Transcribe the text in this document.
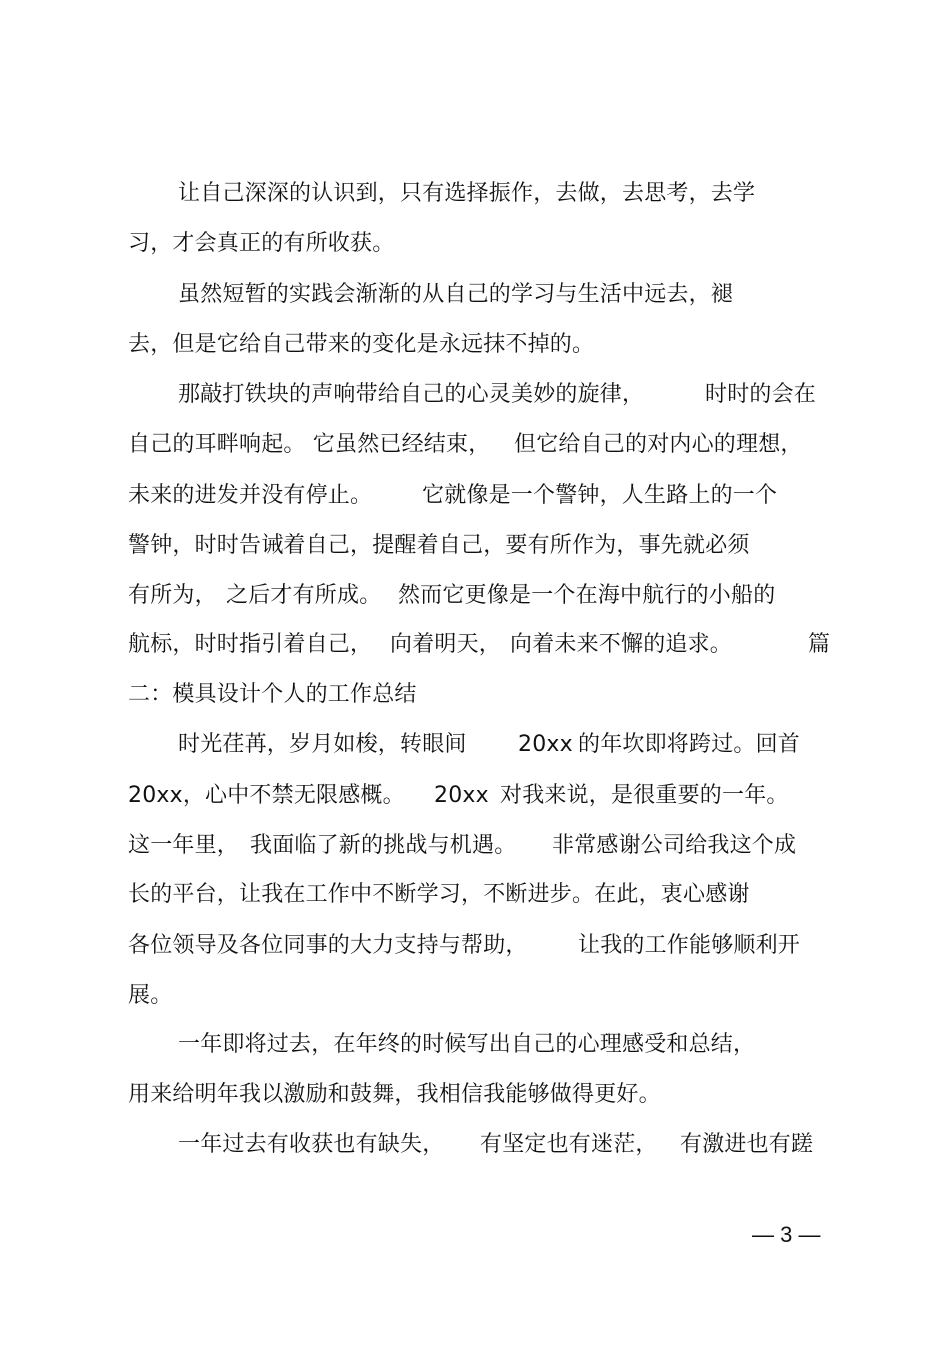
让自己深深的认识到，只有选择振作，去做，去思考，去学
习，才会真正的有所收获。
虽然短暂的实践会渐渐的从自己的学习与生活中远去，褪
去，但是它给自己带来的变化是永远抹不掉的。
那敲打铁块的声响带给自己的心灵美妙的旋律，	时时的会在
自己的耳畔响起。 它虽然已经结束， 但它给自己的对内心的理想，
未来的进发并没有停止。 它就像是一个警钟，人生路上的一个
警钟，时时告诫着自己，提醒着自己，要有所作为，事先就必须
有所为， 之后才有所成。 然而它更像是一个在海中航行的小船的
航标，时时指引着自己， 向着明天， 向着未来不懈的追求。	篇
二：模具设计个人的工作总结
时光荏苒，岁月如梭，转眼间 20xx 的年坎即将跨过。回首
20xx，心中不禁无限感概。 20xx 对我来说，是很重要的一年。
这一年里， 我面临了新的挑战与机遇。 非常感谢公司给我这个成
长的平台，让我在工作中不断学习，不断进步。在此，衷心感谢
各位领导及各位同事的大力支持与帮助， 让我的工作能够顺利开
展。
一年即将过去，在年终的时候写出自己的心理感受和总结，
用来给明年我以激励和鼓舞，我相信我能够做得更好。
一年过去有收获也有缺失， 有坚定也有迷茫， 有激进也有蹉
— 3 —
